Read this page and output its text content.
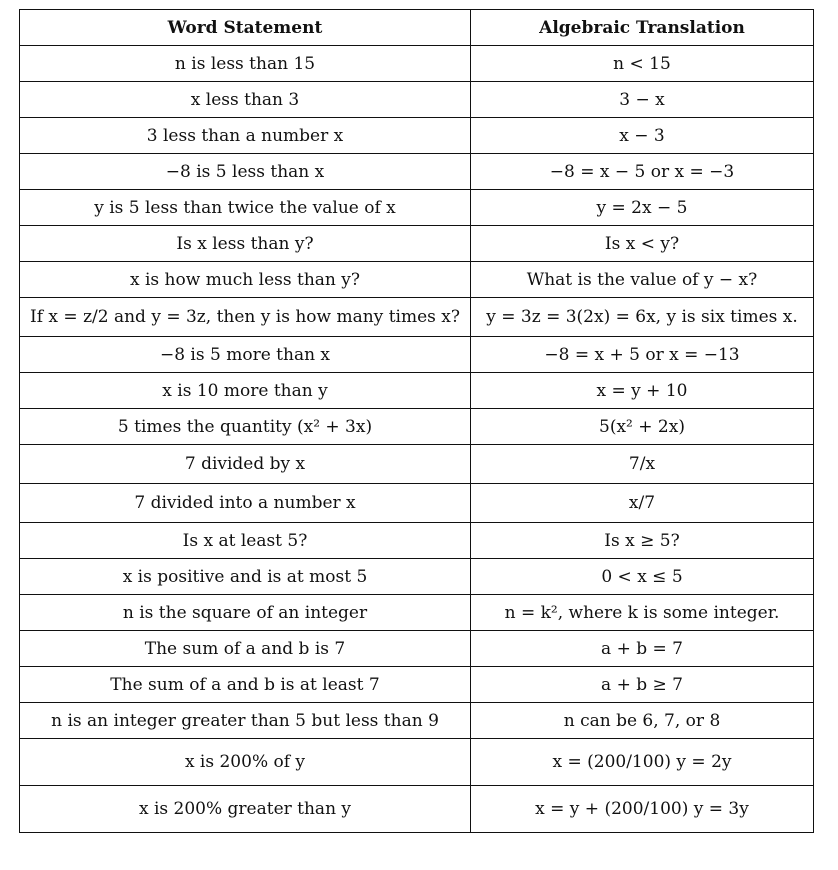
Word Statement	Algebraic Translation
n is less than 15	n < 15
x less than 3	3 − x
3 less than a number x	x − 3
−8 is 5 less than x	−8 = x − 5 or x = −3
y is 5 less than twice the value of x	y = 2x − 5
Is x less than y?	Is x < y?
x is how much less than y?	What is the value of y − x?
If x = z/2 and y = 3z, then y is how many times x?	y = 3z = 3(2x) = 6x, y is six times x.
−8 is 5 more than x	−8 = x + 5 or x = −13
x is 10 more than y	x = y + 10
5 times the quantity (x² + 3x)	5(x² + 2x)
7 divided by x	7/x
7 divided into a number x	x/7
Is x at least 5?	Is x ≥ 5?
x is positive and is at most 5	0 < x ≤ 5
n is the square of an integer	n = k², where k is some integer.
The sum of a and b is 7	a + b = 7
The sum of a and b is at least 7	a + b ≥ 7
n is an integer greater than 5 but less than 9	n can be 6, 7, or 8
x is 200% of y	x = (200/100) y = 2y
x is 200% greater than y	x = y + (200/100) y = 3y
